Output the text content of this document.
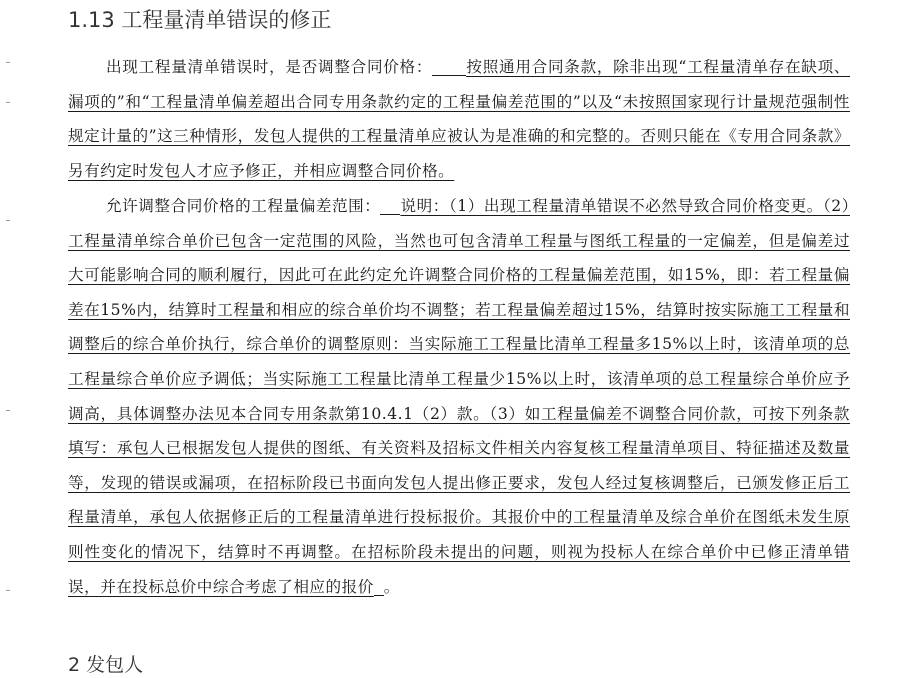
1.13 工程量清单错误的修正
出现工程量清单错误时，是否调整合同价格： 按照通用合同条款，除非出现“工程量清单存在缺项、漏项的”和“工程量清单偏差超出合同专用条款约定的工程量偏差范围的”以及“未按照国家现行计量规范强制性规定计量的”这三种情形，发包人提供的工程量清单应被认为是准确的和完整的。否则只能在《专用合同条款》另有约定时发包人才应予修正，并相应调整合同价格。
允许调整合同价格的工程量偏差范围： 说明：（1）出现工程量清单错误不必然导致合同价格变更。（2）工程量清单综合单价已包含一定范围的风险，当然也可包含清单工程量与图纸工程量的一定偏差，但是偏差过大可能影响合同的顺利履行，因此可在此约定允许调整合同价格的工程量偏差范围，如15%，即：若工程量偏差在15%内，结算时工程量和相应的综合单价均不调整；若工程量偏差超过15%，结算时按实际施工工程量和调整后的综合单价执行，综合单价的调整原则：当实际施工工程量比清单工程量多15%以上时，该清单项的总工程量综合单价应予调低；当实际施工工程量比清单工程量少15%以上时，该清单项的总工程量综合单价应予调高，具体调整办法见本合同专用条款第10.4.1（2）款。（3）如工程量偏差不调整合同价款，可按下列条款填写：承包人已根据发包人提供的图纸、有关资料及招标文件相关内容复核工程量清单项目、特征描述及数量等，发现的错误或漏项，在招标阶段已书面向发包人提出修正要求，发包人经过复核调整后，已颁发修正后工程量清单，承包人依据修正后的工程量清单进行投标报价。其报价中的工程量清单及综合单价在图纸未发生原则性变化的情况下，结算时不再调整。在招标阶段未提出的问题，则视为投标人在综合单价中已修正清单错误，并在投标总价中综合考虑了相应的报价 。
2 发包人
